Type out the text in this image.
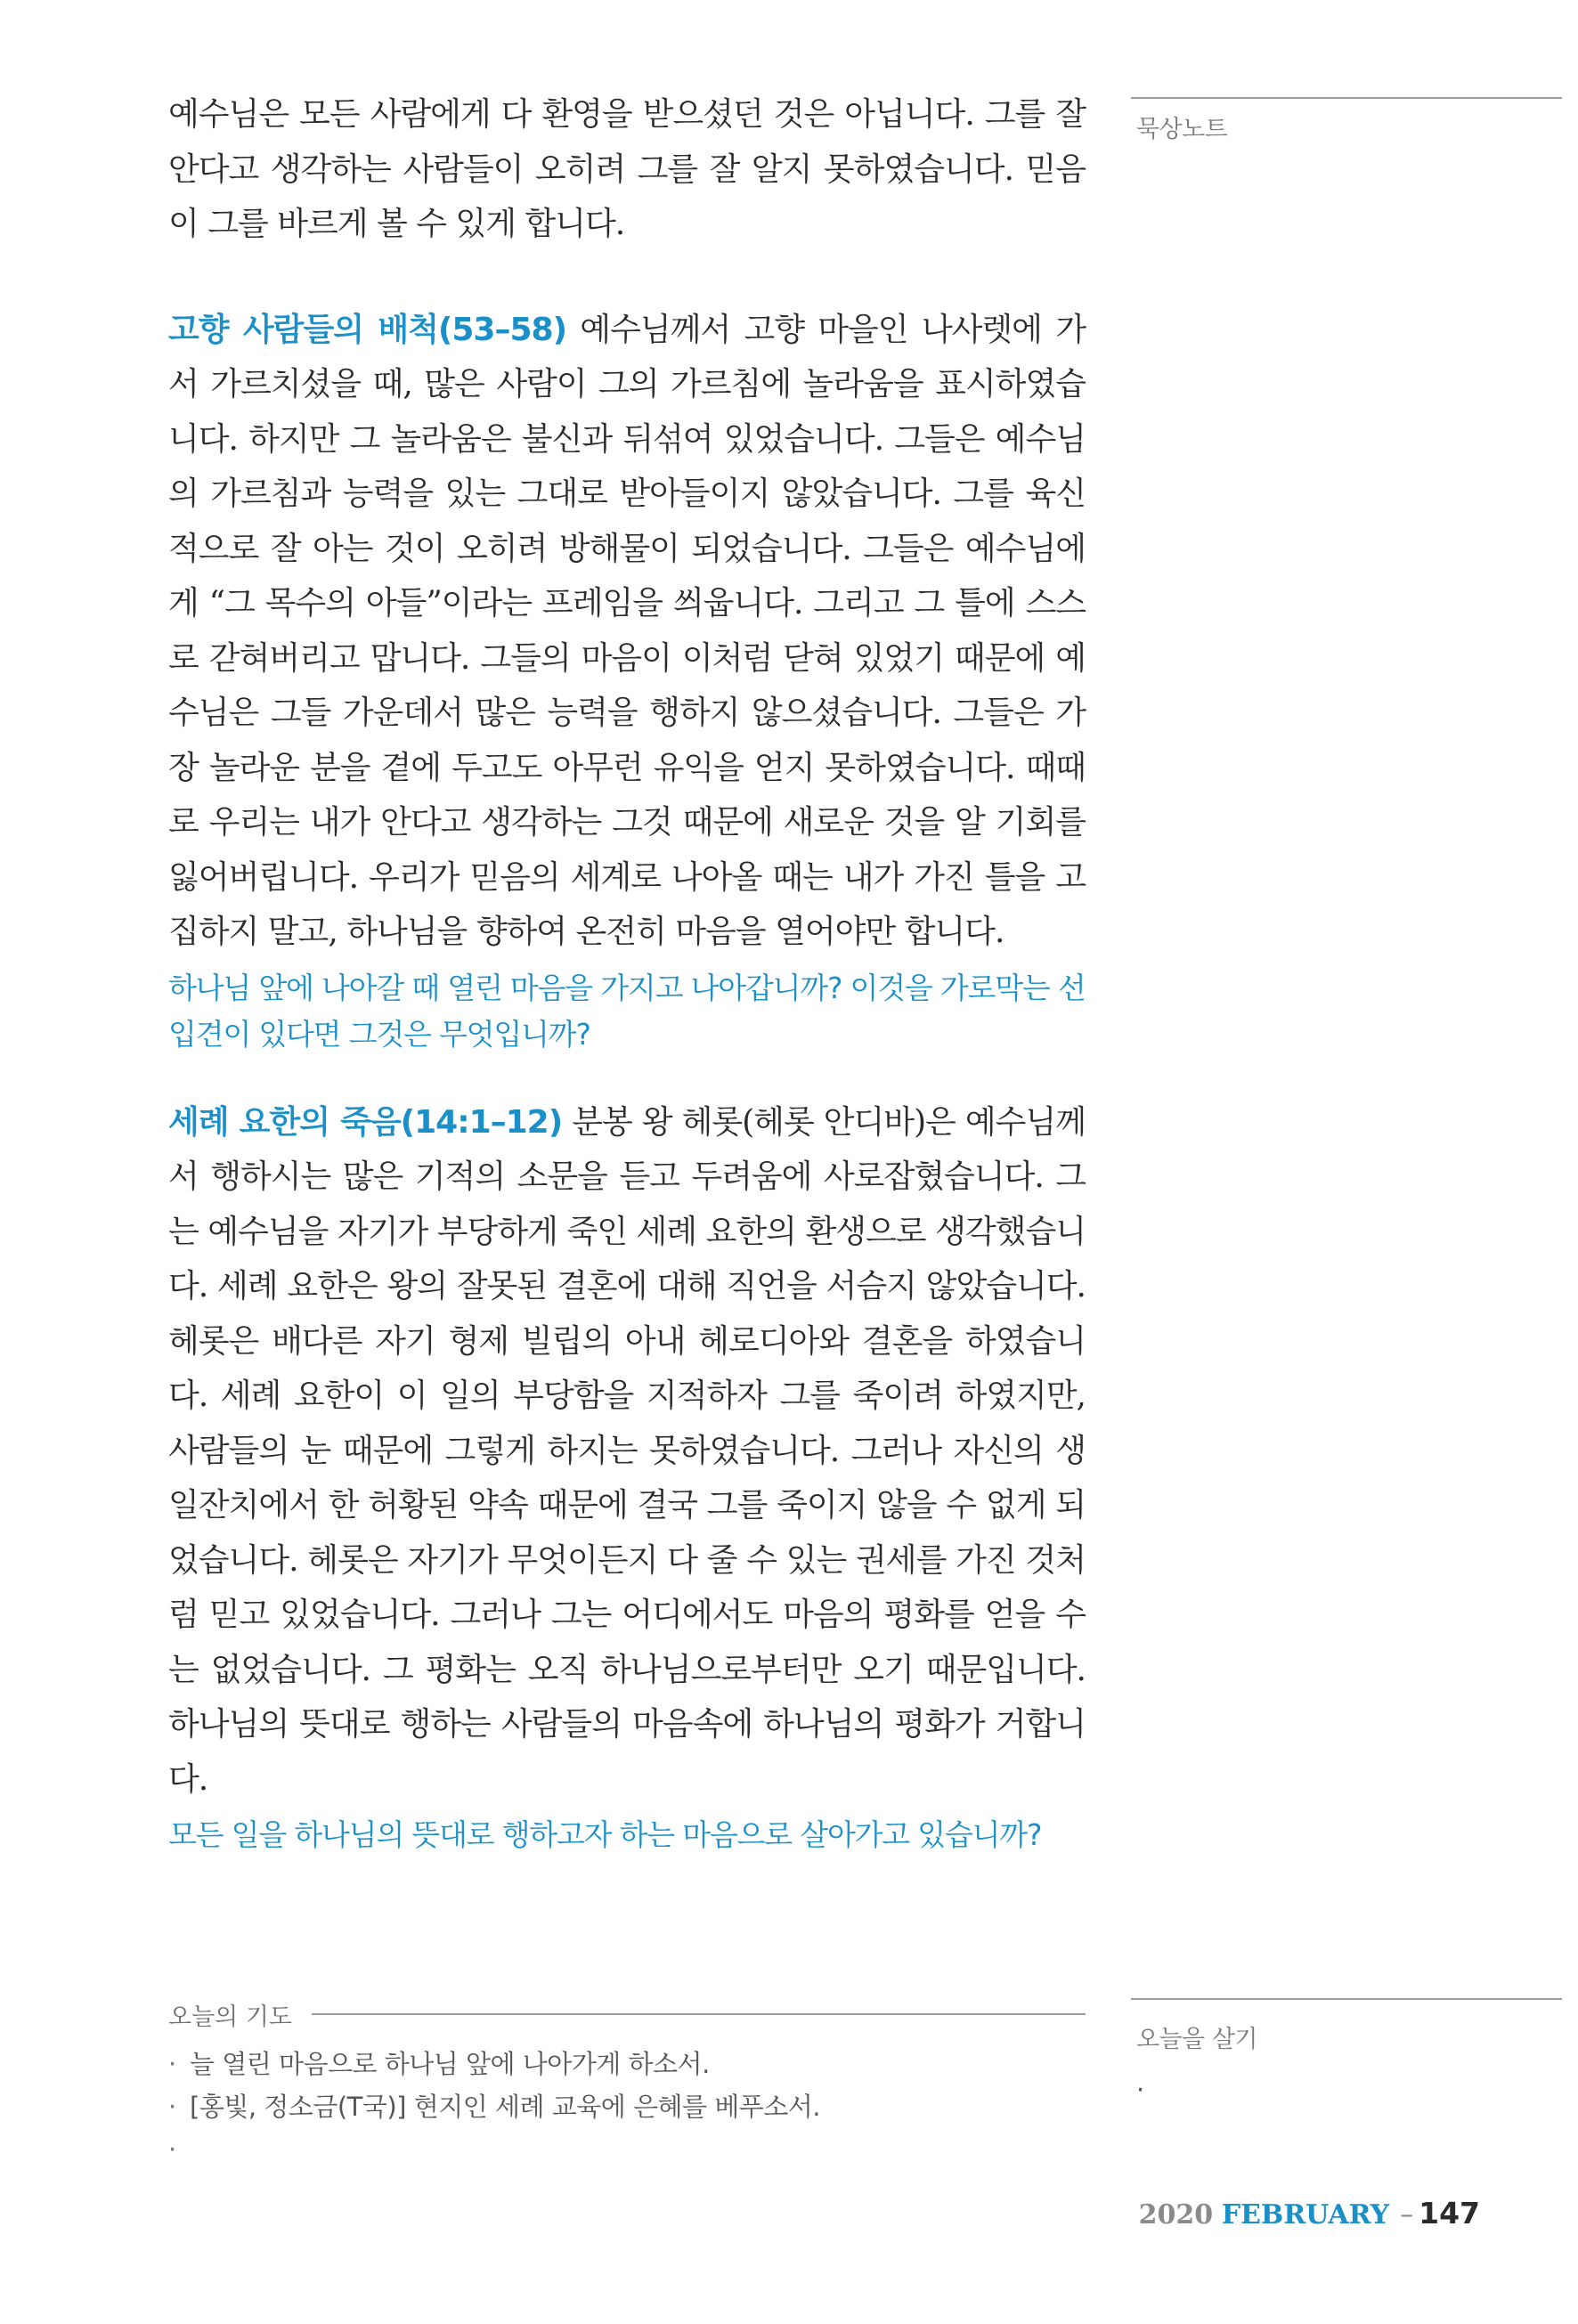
예수님은 모든 사람에게 다 환영을 받으셨던 것은 아닙니다. 그를 잘 안다고 생각하는 사람들이 오히려 그를 잘 알지 못하였습니다. 믿음이 그를 바르게 볼 수 있게 합니다.

고향 사람들의 배척(53–58) 예수님께서 고향 마을인 나사렛에 가서 가르치셨을 때, 많은 사람이 그의 가르침에 놀라움을 표시하였습니다. 하지만 그 놀라움은 불신과 뒤섞여 있었습니다. 그들은 예수님의 가르침과 능력을 있는 그대로 받아들이지 않았습니다. 그를 육신적으로 잘 아는 것이 오히려 방해물이 되었습니다. 그들은 예수님에게 “그 목수의 아들”이라는 프레임을 씌웁니다. 그리고 그 틀에 스스로 갇혀버리고 맙니다. 그들의 마음이 이처럼 닫혀 있었기 때문에 예수님은 그들 가운데서 많은 능력을 행하지 않으셨습니다. 그들은 가장 놀라운 분을 곁에 두고도 아무런 유익을 얻지 못하였습니다. 때때로 우리는 내가 안다고 생각하는 그것 때문에 새로운 것을 알 기회를 잃어버립니다. 우리가 믿음의 세계로 나아올 때는 내가 가진 틀을 고집하지 말고, 하나님을 향하여 온전히 마음을 열어야만 합니다.

하나님 앞에 나아갈 때 열린 마음을 가지고 나아갑니까? 이것을 가로막는 선입견이 있다면 그것은 무엇입니까?

세례 요한의 죽음(14:1–12) 분봉 왕 헤롯(헤롯 안디바)은 예수님께서 행하시는 많은 기적의 소문을 듣고 두려움에 사로잡혔습니다. 그는 예수님을 자기가 부당하게 죽인 세례 요한의 환생으로 생각했습니다. 세례 요한은 왕의 잘못된 결혼에 대해 직언을 서슴지 않았습니다. 헤롯은 배다른 자기 형제 빌립의 아내 헤로디아와 결혼을 하였습니다. 세례 요한이 이 일의 부당함을 지적하자 그를 죽이려 하였지만, 사람들의 눈 때문에 그렇게 하지는 못하였습니다. 그러나 자신의 생일잔치에서 한 허황된 약속 때문에 결국 그를 죽이지 않을 수 없게 되었습니다. 헤롯은 자기가 무엇이든지 다 줄 수 있는 권세를 가진 것처럼 믿고 있었습니다. 그러나 그는 어디에서도 마음의 평화를 얻을 수는 없었습니다. 그 평화는 오직 하나님으로부터만 오기 때문입니다. 하나님의 뜻대로 행하는 사람들의 마음속에 하나님의 평화가 거합니다.

모든 일을 하나님의 뜻대로 행하고자 하는 마음으로 살아가고 있습니까?

묵상노트
오늘의 기도
· 늘 열린 마음으로 하나님 앞에 나아가게 하소서.
· [홍빛, 정소금(T국)] 현지인 세례 교육에 은혜를 베푸소서.
·
오늘을 살기
·
2020 FEBRUARY – 147
